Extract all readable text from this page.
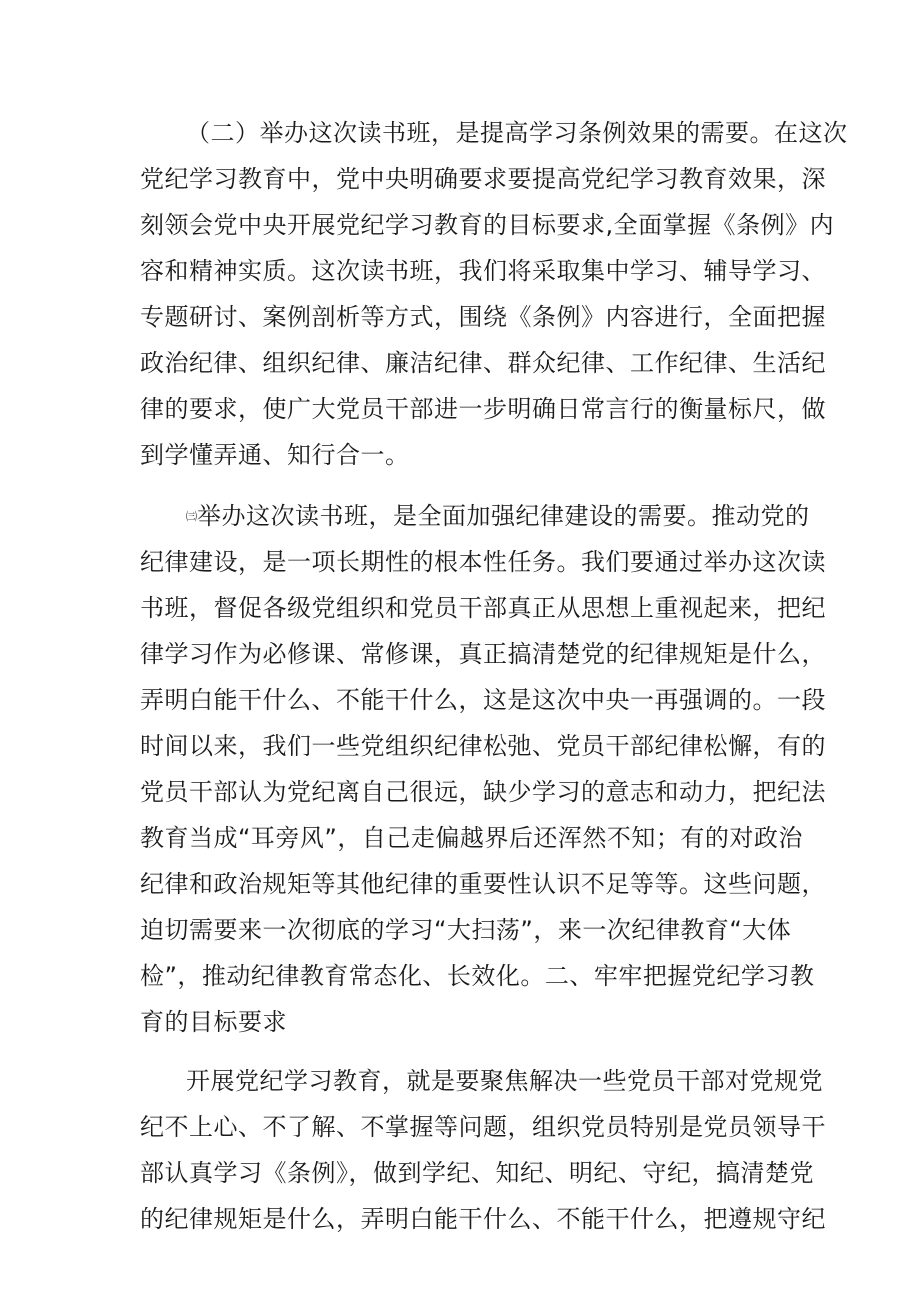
（二）举办这次读书班，是提高学习条例效果的需要。在这次
党纪学习教育中，党中央明确要求要提高党纪学习教育效果，深
刻领会党中央开展党纪学习教育的目标要求,全面掌握《条例》内
容和精神实质。这次读书班，我们将采取集中学习、辅导学习、
专题研讨、案例剖析等方式，围绕《条例》内容进行，全面把握
政治纪律、组织纪律、廉洁纪律、群众纪律、工作纪律、生活纪
律的要求，使广大党员干部进一步明确日常言行的衡量标尺，做
到学懂弄通、知行合一。
㈢举办这次读书班，是全面加强纪律建设的需要。推动党的
纪律建设，是一项长期性的根本性任务。我们要通过举办这次读
书班，督促各级党组织和党员干部真正从思想上重视起来，把纪
律学习作为必修课、常修课，真正搞清楚党的纪律规矩是什么，
弄明白能干什么、不能干什么，这是这次中央一再强调的。一段
时间以来，我们一些党组织纪律松弛、党员干部纪律松懈，有的
党员干部认为党纪离自己很远，缺少学习的意志和动力，把纪法
教育当成“耳旁风”，自己走偏越界后还浑然不知；有的对政治
纪律和政治规矩等其他纪律的重要性认识不足等等。这些问题，
迫切需要来一次彻底的学习“大扫荡”，来一次纪律教育“大体
检”，推动纪律教育常态化、长效化。二、牢牢把握党纪学习教
育的目标要求
开展党纪学习教育，就是要聚焦解决一些党员干部对党规党
纪不上心、不了解、不掌握等问题，组织党员特别是党员领导干
部认真学习《条例》，做到学纪、知纪、明纪、守纪，搞清楚党
的纪律规矩是什么，弄明白能干什么、不能干什么，把遵规守纪
